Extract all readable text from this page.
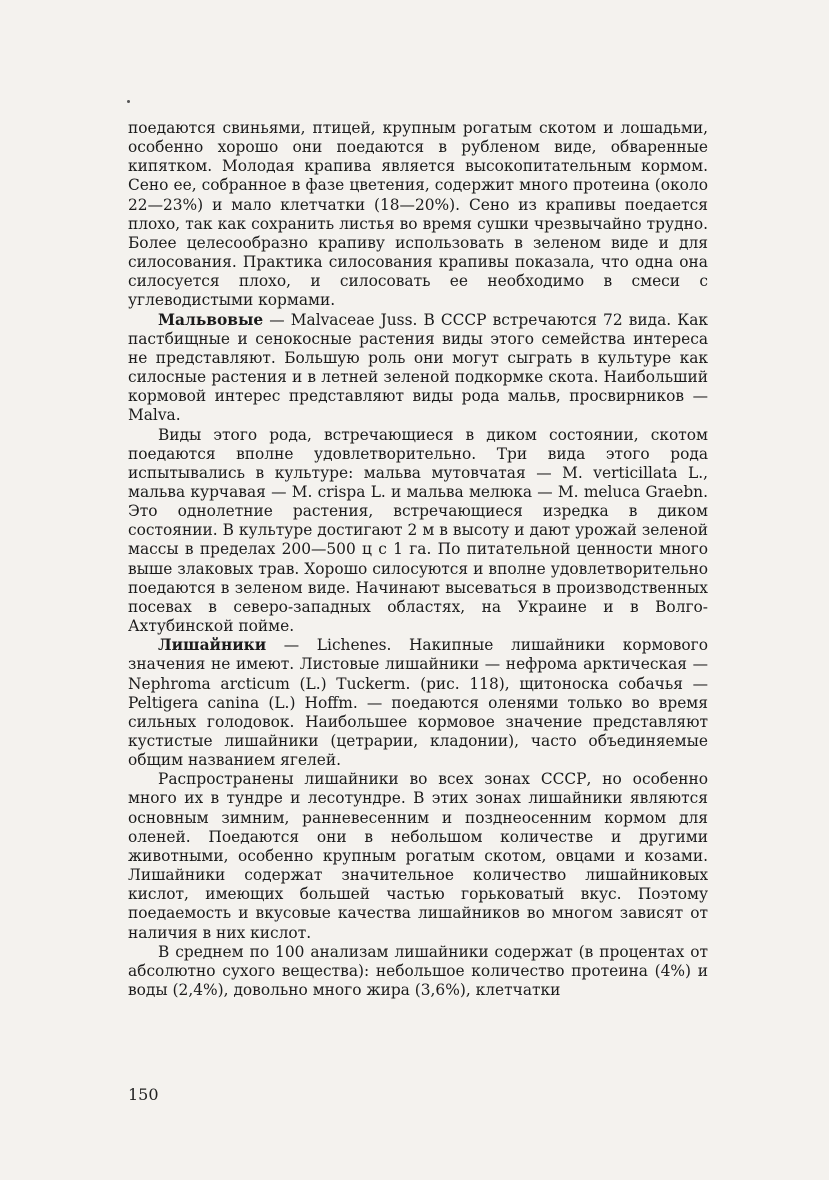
поедаются свиньями, птицей, крупным рогатым скотом и лошадьми, особенно хорошо они поедаются в рубленом виде, обваренные кипятком. Молодая крапива является высокопитательным кормом. Сено ее, собранное в фазе цветения, содержит много протеина (около 22—23%) и мало клетчатки (18—20%). Сено из крапивы поедается плохо, так как сохранить листья во время сушки чрезвычайно трудно. Более целесообразно крапиву использовать в зеленом виде и для силосования. Практика силосования крапивы показала, что одна она силосуется плохо, и силосовать ее необходимо в смеси с углеводистыми кормами.

Мальвовые — Malvaceae Juss. В СССР встречаются 72 вида. Как пастбищные и сенокосные растения виды этого семейства интереса не представляют. Большую роль они могут сыграть в культуре как силосные растения и в летней зеленой подкормке скота. Наибольший кормовой интерес представляют виды рода мальв, просвирников — Malva.

Виды этого рода, встречающиеся в диком состоянии, скотом поедаются вполне удовлетворительно. Три вида этого рода испытывались в культуре: мальва мутовчатая — M. verticillata L., мальва курчавая — M. crispa L. и мальва мелюка — M. meluca Graebn. Это однолетние растения, встречающиеся изредка в диком состоянии. В культуре достигают 2 м в высоту и дают урожай зеленой массы в пределах 200—500 ц с 1 га. По питательной ценности много выше злаковых трав. Хорошо силосуются и вполне удовлетворительно поедаются в зеленом виде. Начинают высеваться в производственных посевах в северо-западных областях, на Украине и в Волго-Ахтубинской пойме.

Лишайники — Lichenes. Накипные лишайники кормового значения не имеют. Листовые лишайники — нефрома арктическая — Nephroma arcticum (L.) Tuckerm. (рис. 118), щитоноска собачья — Peltigera canina (L.) Hoffm. — поедаются оленями только во время сильных голодовок. Наибольшее кормовое значение представляют кустистые лишайники (цетрарии, кладонии), часто объединяемые общим названием ягелей.

Распространены лишайники во всех зонах СССР, но особенно много их в тундре и лесотундре. В этих зонах лишайники являются основным зимним, ранневесенним и позднеосенним кормом для оленей. Поедаются они в небольшом количестве и другими животными, особенно крупным рогатым скотом, овцами и козами. Лишайники содержат значительное количество лишайниковых кислот, имеющих большей частью горьковатый вкус. Поэтому поедаемость и вкусовые качества лишайников во многом зависят от наличия в них кислот.

В среднем по 100 анализам лишайники содержат (в процентах от абсолютно сухого вещества): небольшое количество протеина (4%) и воды (2,4%), довольно много жира (3,6%), клетчатки

150
